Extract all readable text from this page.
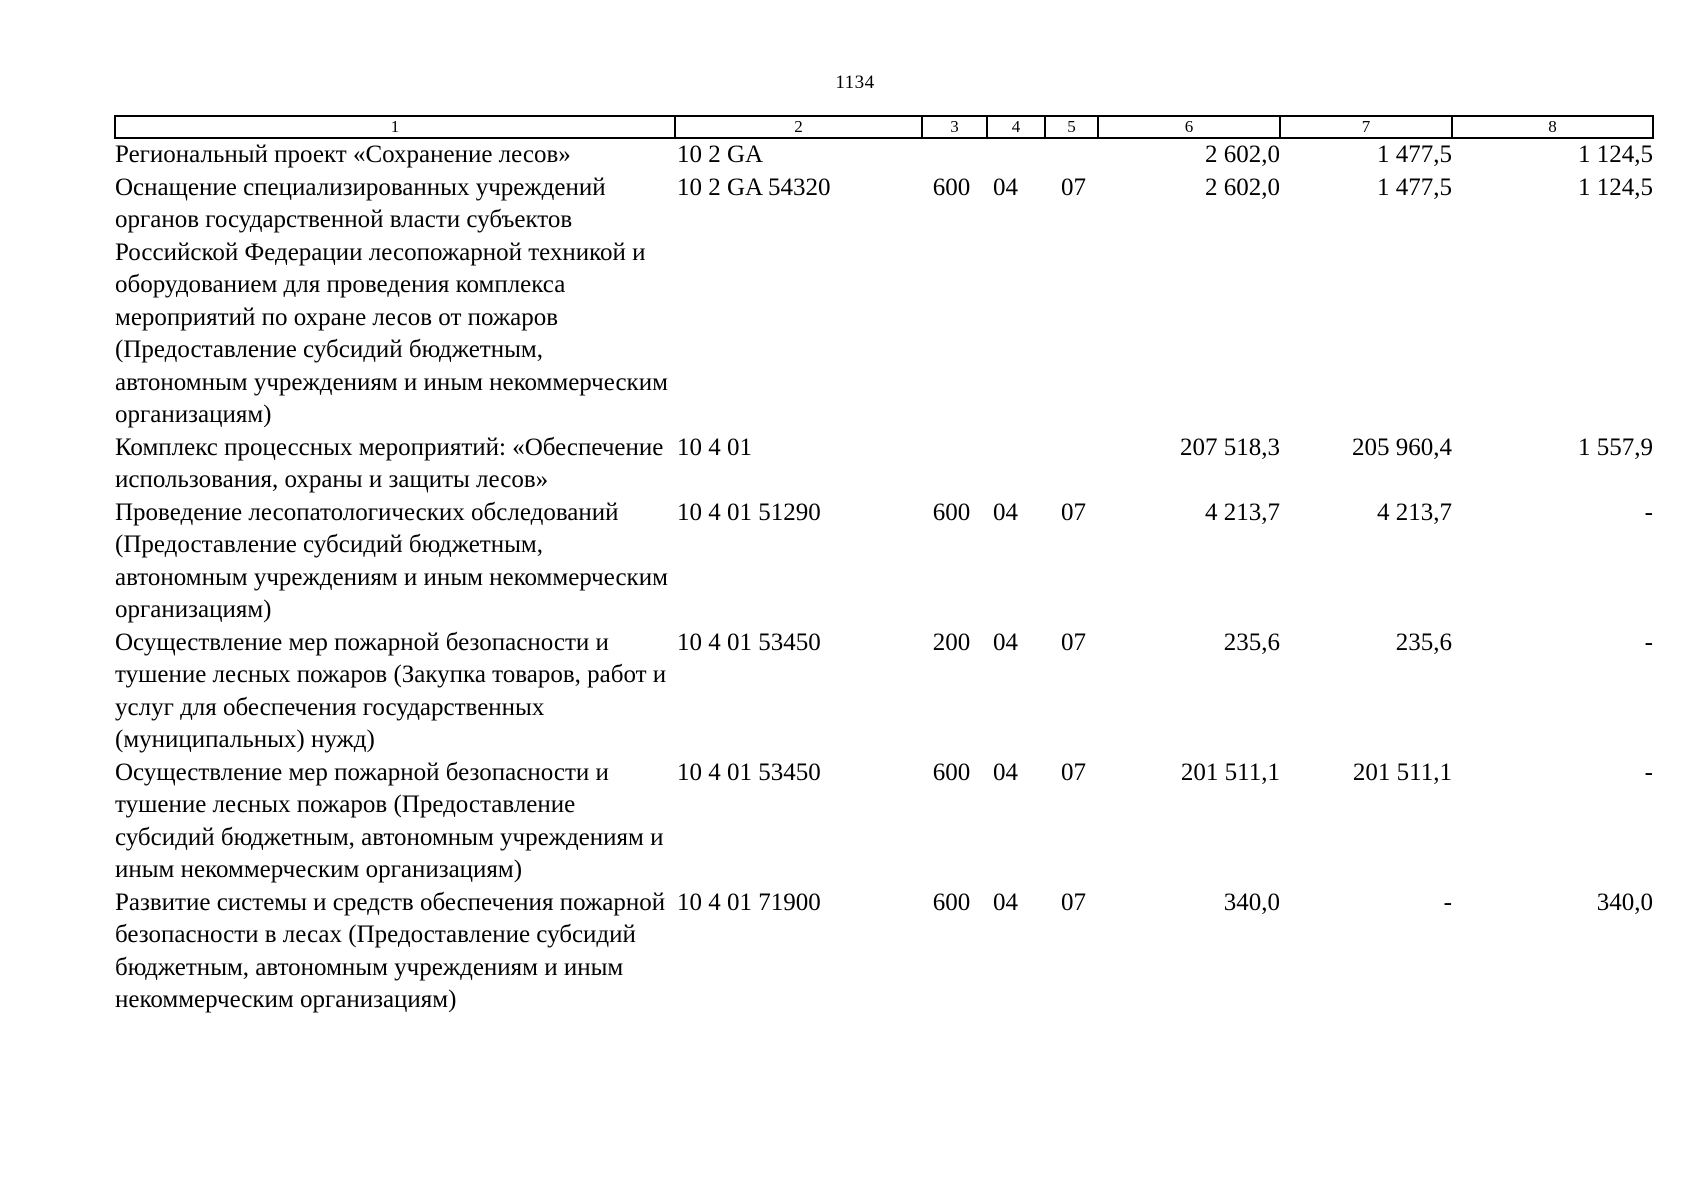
1134
1	2	3	4	5	6	7	8
Региональный проект «Сохранение лесов»	10 2 GA				2 602,0	1 477,5	1 124,5
Оснащение специализированных учреждений органов государственной власти субъектов Российской Федерации лесопожарной техникой и оборудованием для проведения комплекса мероприятий по охране лесов от пожаров (Предоставление субсидий бюджетным, автономным учреждениям и иным некоммерческим организациям)	10 2 GA 54320	600	04	07	2 602,0	1 477,5	1 124,5
Комплекс процессных мероприятий: «Обеспечение использования, охраны и защиты лесов»	10 4 01				207 518,3	205 960,4	1 557,9
Проведение лесопатологических обследований (Предоставление субсидий бюджетным, автономным учреждениям и иным некоммерческим организациям)	10 4 01 51290	600	04	07	4 213,7	4 213,7	-
Осуществление мер пожарной безопасности и тушение лесных пожаров (Закупка товаров, работ и услуг для обеспечения государственных (муниципальных) нужд)	10 4 01 53450	200	04	07	235,6	235,6	-
Осуществление мер пожарной безопасности и тушение лесных пожаров (Предоставление субсидий бюджетным, автономным учреждениям и иным некоммерческим организациям)	10 4 01 53450	600	04	07	201 511,1	201 511,1	-
Развитие системы и средств обеспечения пожарной безопасности в лесах (Предоставление субсидий бюджетным, автономным учреждениям и иным некоммерческим организациям)	10 4 01 71900	600	04	07	340,0	-	340,0
